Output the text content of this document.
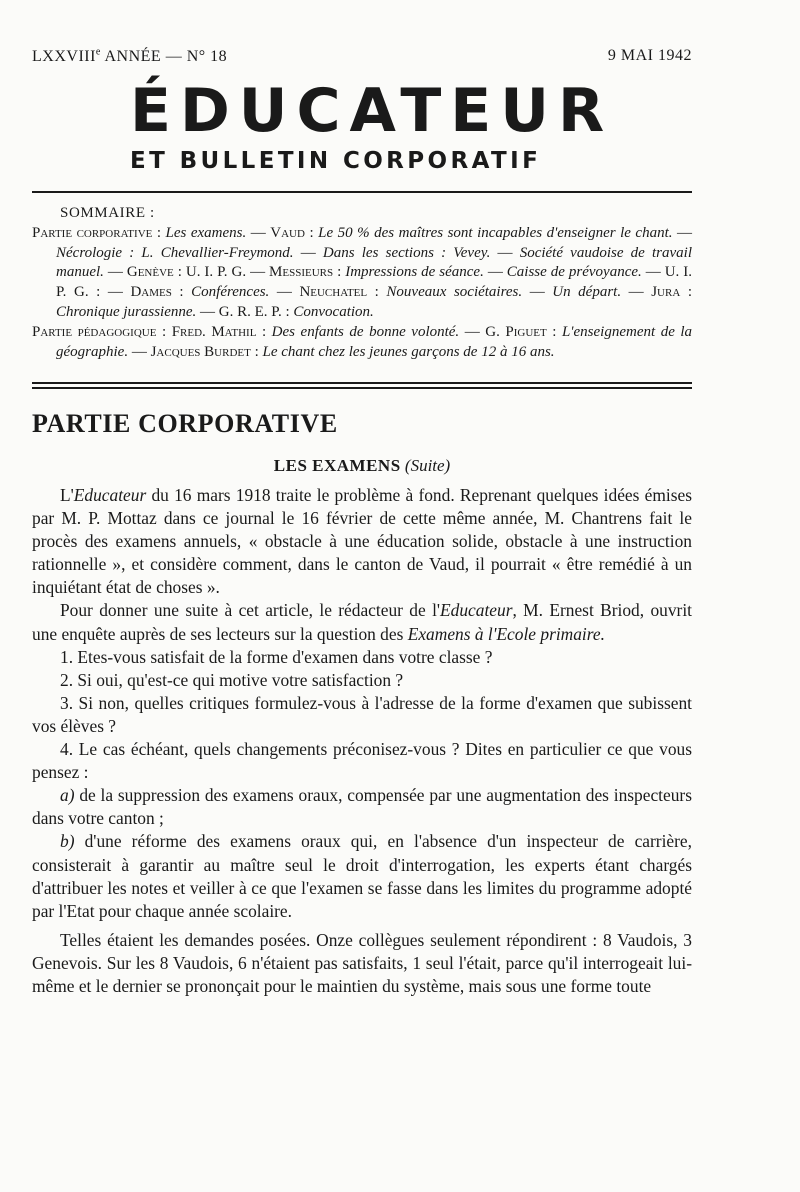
LXXVIIIe ANNÉE — N° 18	9 MAI 1942
ÉDUCATEUR
ET BULLETIN CORPORATIF
SOMMAIRE :

Partie corporative : Les examens. — Vaud : Le 50 % des maîtres sont incapables d'enseigner le chant. — Nécrologie : L. Chevallier-Freymond. — Dans les sections : Vevey. — Société vaudoise de travail manuel. — Genève : U. I. P. G. — Messieurs : Impressions de séance. — Caisse de prévoyance. — U. I. P. G. : — Dames : Conférences. — Neuchatel : Nouveaux sociétaires. — Un départ. — Jura : Chronique jurassienne. — G. R. E. P. : Convocation.

Partie pédagogique : Fred. Mathil : Des enfants de bonne volonté. — G. Piguet : L'enseignement de la géographie. — Jacques Burdet : Le chant chez les jeunes garçons de 12 à 16 ans.

PARTIE CORPORATIVE
LES EXAMENS (Suite)

L'Educateur du 16 mars 1918 traite le problème à fond. Reprenant quelques idées émises par M. P. Mottaz dans ce journal le 16 février de cette même année, M. Chantrens fait le procès des examens annuels, « obstacle à une éducation solide, obstacle à une instruction rationnelle », et considère comment, dans le canton de Vaud, il pourrait « être remédié à un inquiétant état de choses ».

Pour donner une suite à cet article, le rédacteur de l'Educateur, M. Ernest Briod, ouvrit une enquête auprès de ses lecteurs sur la question des Examens à l'Ecole primaire.

1. Etes-vous satisfait de la forme d'examen dans votre classe ?

2. Si oui, qu'est-ce qui motive votre satisfaction ?

3. Si non, quelles critiques formulez-vous à l'adresse de la forme d'examen que subissent vos élèves ?

4. Le cas échéant, quels changements préconisez-vous ? Dites en particulier ce que vous pensez :

a) de la suppression des examens oraux, compensée par une augmentation des inspecteurs dans votre canton ;

b) d'une réforme des examens oraux qui, en l'absence d'un inspecteur de carrière, consisterait à garantir au maître seul le droit d'interrogation, les experts étant chargés d'attribuer les notes et veiller à ce que l'examen se fasse dans les limites du programme adopté par l'Etat pour chaque année scolaire.

Telles étaient les demandes posées. Onze collègues seulement répondirent : 8 Vaudois, 3 Genevois. Sur les 8 Vaudois, 6 n'étaient pas satisfaits, 1 seul l'était, parce qu'il interrogeait lui-même et le dernier se prononçait pour le maintien du système, mais sous une forme toute
